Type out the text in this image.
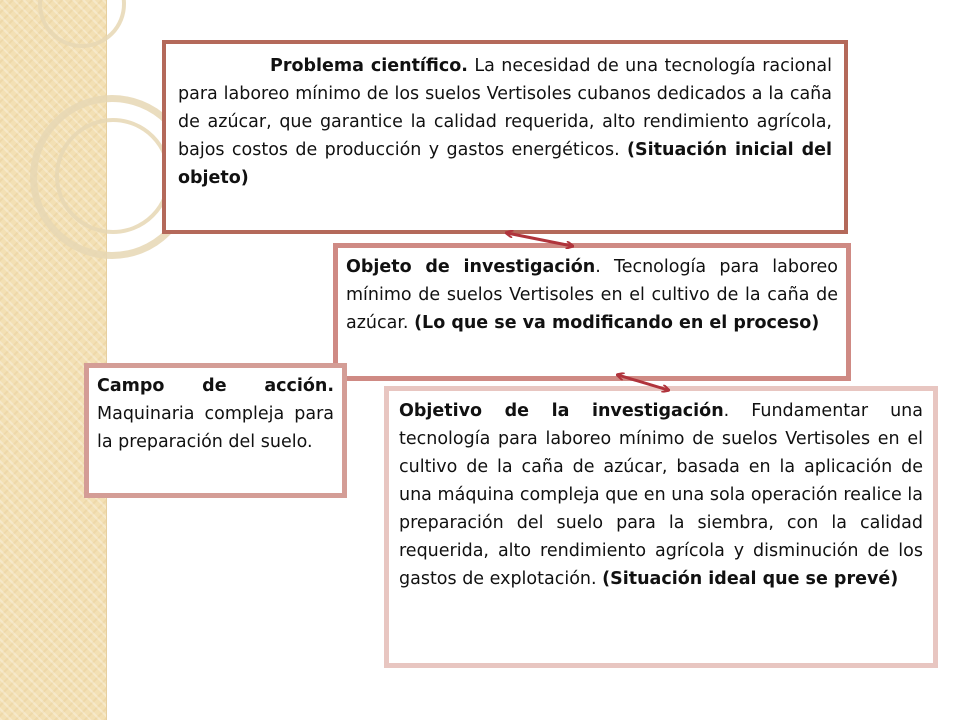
Problema científico. La necesidad de una tecnología racional para laboreo mínimo de los suelos Vertisoles cubanos dedicados a la caña de azúcar, que garantice la calidad requerida, alto rendimiento agrícola, bajos costos de producción y gastos energéticos. (Situación inicial del objeto)
Objeto de investigación. Tecnología para laboreo mínimo de suelos Vertisoles en el cultivo de la caña de azúcar. (Lo que se va modificando en el proceso)
Objetivo de la investigación. Fundamentar una tecnología para laboreo mínimo de suelos Vertisoles en el cultivo de la caña de azúcar, basada en la aplicación de una máquina compleja que en una sola operación realice la preparación del suelo para la siembra, con la calidad requerida, alto rendimiento agrícola y disminución de los gastos de explotación. (Situación ideal que se prevé)
Campo de acción. Maquinaria compleja para la preparación del suelo.
